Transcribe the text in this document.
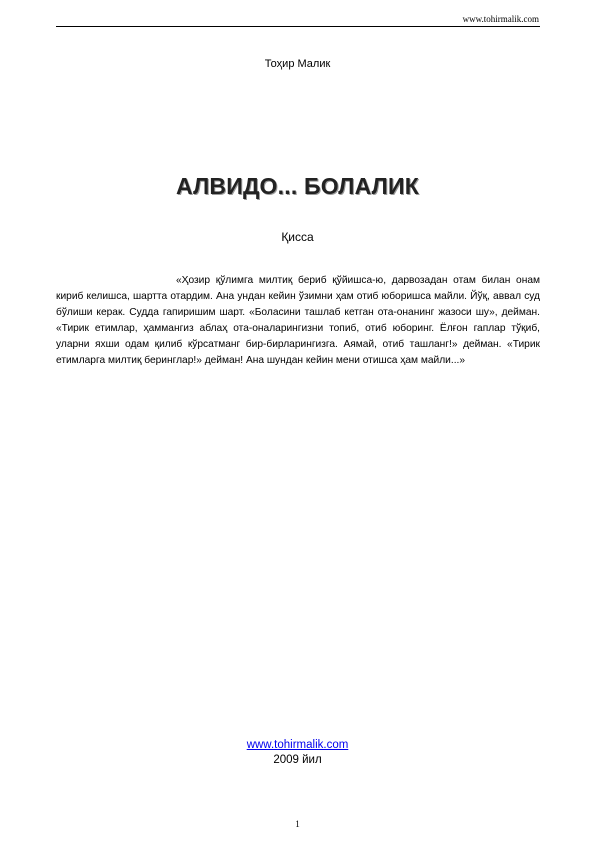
www.tohirmalik.com
Тоҳир Малик
АЛВИДО... БОЛАЛИК
Қисса

«Ҳозир қўлимга милтиқ бериб қўйишса-ю, дарвозадан отам билан онам кириб келишса, шартта отардим. Ана ундан кейин ўзимни ҳам отиб юборишса майли. Йўқ, аввал суд бўлиши керак. Судда гапиришим шарт. «Боласини ташлаб кетган ота-онанинг жазоси шу», дейман. «Тирик етимлар, ҳаммангиз аблаҳ ота-оналарингизни топиб, отиб юборинг. Ёлғон гаплар тўқиб, уларни яхши одам қилиб кўрсатманг бир-бирларингизга. Аямай, отиб ташланг!» дейман. «Тирик етимларга милтиқ беринглар!» дейман! Ана шундан кейин мени отишса ҳам майли...»

www.tohirmalik.com
2009 йил
1
